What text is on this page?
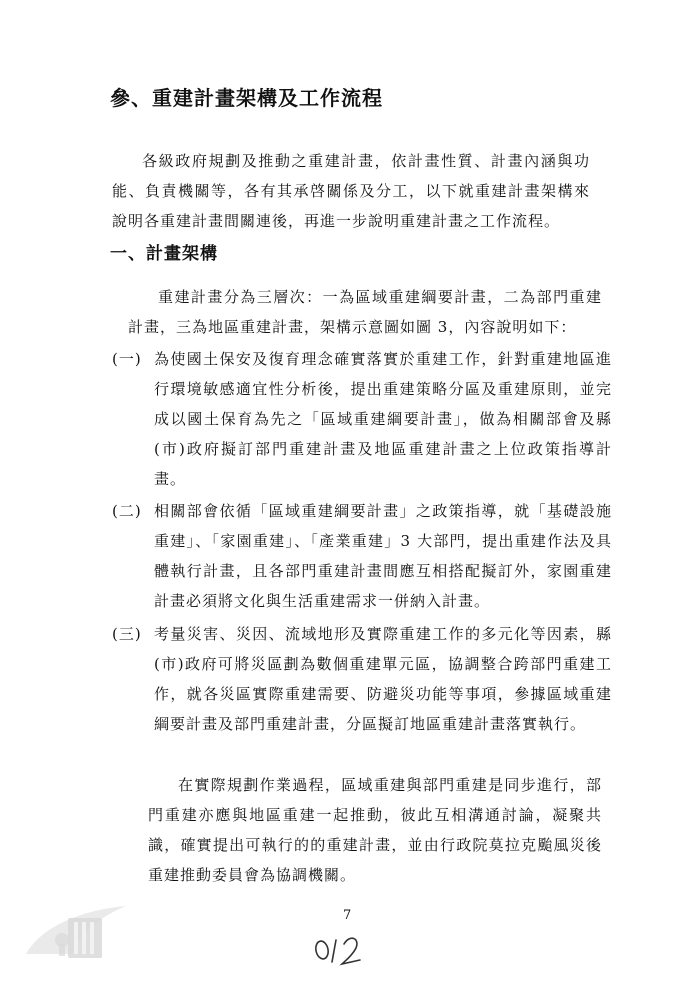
參、重建計畫架構及工作流程

各級政府規劃及推動之重建計畫，依計畫性質、計畫內涵與功能、負責機關等，各有其承啓關係及分工，以下就重建計畫架構來說明各重建計畫間關連後，再進一步說明重建計畫之工作流程。

一、計畫架構

重建計畫分為三層次：一為區域重建綱要計畫，二為部門重建計畫，三為地區重建計畫，架構示意圖如圖 3，內容說明如下：

(一) 為使國土保安及復育理念確實落實於重建工作，針對重建地區進行環境敏感適宜性分析後，提出重建策略分區及重建原則，並完成以國土保育為先之「區域重建綱要計畫」，做為相關部會及縣(市)政府擬訂部門重建計畫及地區重建計畫之上位政策指導計畫。

(二) 相關部會依循「區域重建綱要計畫」之政策指導，就「基礎設施重建」、「家園重建」、「產業重建」3 大部門，提出重建作法及具體執行計畫，且各部門重建計畫間應互相搭配擬訂外，家園重建計畫必須將文化與生活重建需求一併納入計畫。

(三) 考量災害、災因、流域地形及實際重建工作的多元化等因素，縣(市)政府可將災區劃為數個重建單元區，協調整合跨部門重建工作，就各災區實際重建需要、防避災功能等事項，參據區域重建綱要計畫及部門重建計畫，分區擬訂地區重建計畫落實執行。

在實際規劃作業過程，區域重建與部門重建是同步進行，部門重建亦應與地區重建一起推動，彼此互相溝通討論，凝聚共識，確實提出可執行的的重建計畫，並由行政院莫拉克颱風災後重建推動委員會為協調機關。

7
